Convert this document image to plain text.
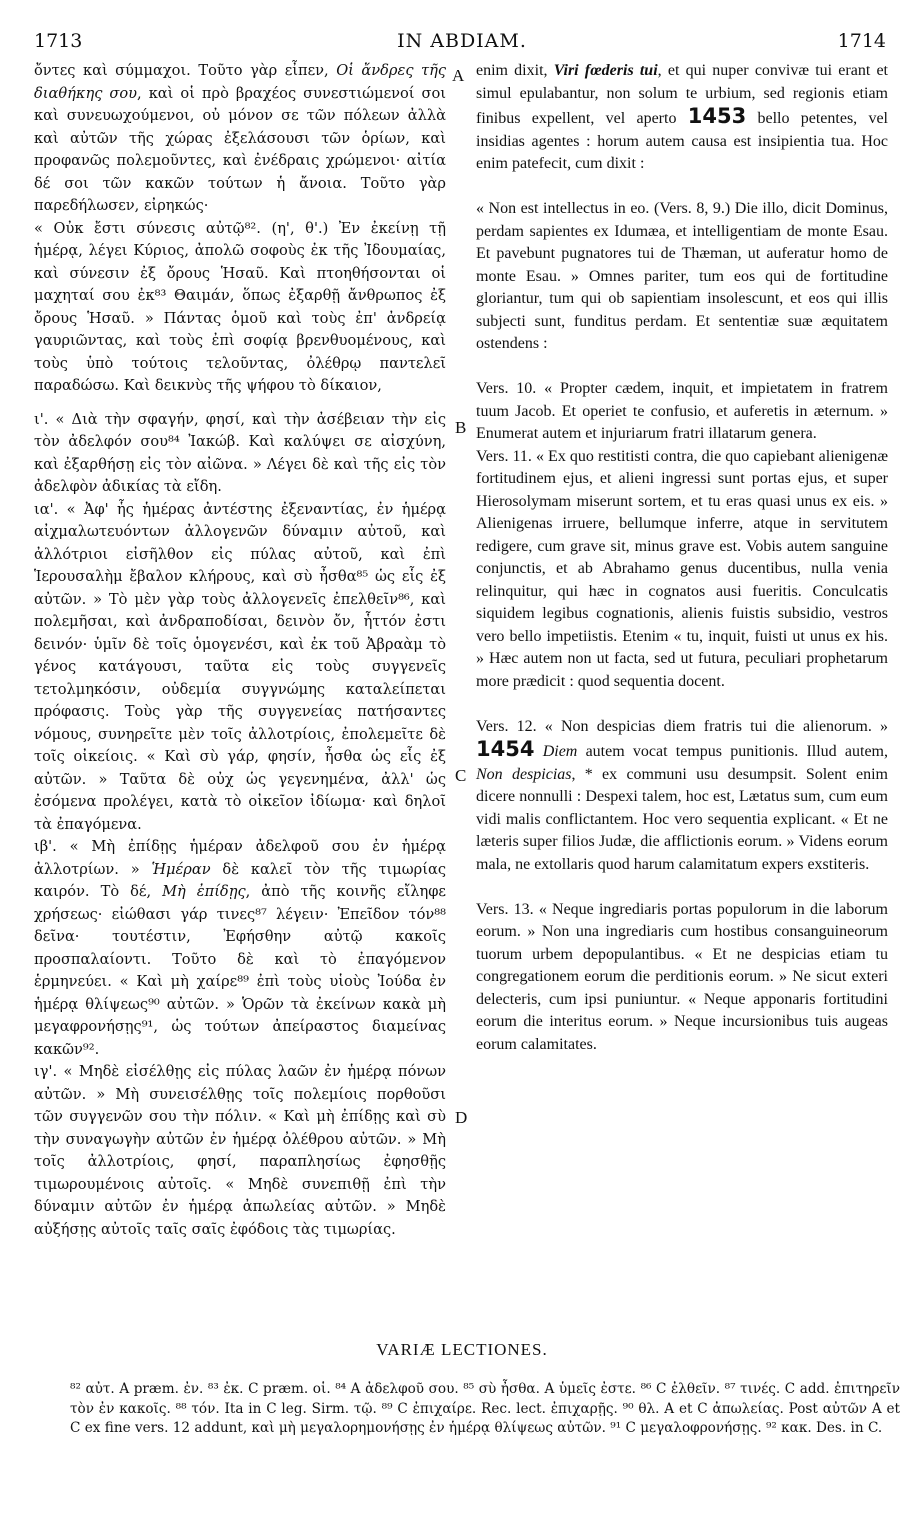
1713	IN ABDIAM.	1714
A
B
C
D

ὄντες καὶ σύμμαχοι. Τοῦτο γὰρ εἶπεν, Οἱ ἄνδρες τῆς διαθήκης σου, καὶ οἱ πρὸ βραχέος συνεστιώμενοί σοι καὶ συνευωχούμενοι, οὐ μόνον σε τῶν πόλεων ἀλλὰ καὶ αὐτῶν τῆς χώρας ἐξελάσουσι τῶν ὁρίων, καὶ προφανῶς πολεμοῦντες, καὶ ἐνέδραις χρώμενοι· αἰτία δέ σοι τῶν κακῶν τούτων ἡ ἄνοια. Τοῦτο γὰρ παρεδήλωσεν, εἰρηκώς·

« Οὐκ ἔστι σύνεσις αὐτῷ⁸². (η', θ'.) Ἐν ἐκείνῃ τῇ ἡμέρᾳ, λέγει Κύριος, ἀπολῶ σοφοὺς ἐκ τῆς Ἰδουμαίας, καὶ σύνεσιν ἐξ ὄρους Ἡσαῦ. Καὶ πτοηθήσονται οἱ μαχηταί σου ἐκ⁸³ Θαιμάν, ὅπως ἐξαρθῇ ἄνθρωπος ἐξ ὄρους Ἡσαῦ. » Πάντας ὁμοῦ καὶ τοὺς ἐπ' ἀνδρείᾳ γαυριῶντας, καὶ τοὺς ἐπὶ σοφίᾳ βρενθυομένους, καὶ τοὺς ὑπὸ τούτοις τελοῦντας, ὀλέθρῳ παντελεῖ παραδώσω. Καὶ δεικνὺς τῆς ψήφου τὸ δίκαιον,

ι'. « Διὰ τὴν σφαγήν, φησί, καὶ τὴν ἀσέβειαν τὴν εἰς τὸν ἀδελφόν σου⁸⁴ Ἰακώβ. Καὶ καλύψει σε αἰσχύνη, καὶ ἐξαρθήσῃ εἰς τὸν αἰῶνα. » Λέγει δὲ καὶ τῆς εἰς τὸν ἀδελφὸν ἀδικίας τὰ εἴδη.

ια'. « Ἀφ' ἧς ἡμέρας ἀντέστης ἐξεναντίας, ἐν ἡμέρᾳ αἰχμαλωτευόντων ἀλλογενῶν δύναμιν αὐτοῦ, καὶ ἀλλότριοι εἰσῆλθον εἰς πύλας αὐτοῦ, καὶ ἐπὶ Ἱερουσαλὴμ ἔβαλον κλήρους, καὶ σὺ ἦσθα⁸⁵ ὡς εἷς ἐξ αὐτῶν. » Τὸ μὲν γὰρ τοὺς ἀλλογενεῖς ἐπελθεῖν⁸⁶, καὶ πολεμῆσαι, καὶ ἀνδραποδίσαι, δεινὸν ὄν, ἧττόν ἐστι δεινόν· ὑμῖν δὲ τοῖς ὁμογενέσι, καὶ ἐκ τοῦ Ἀβραὰμ τὸ γένος κατάγουσι, ταῦτα εἰς τοὺς συγγενεῖς τετολμηκόσιν, οὐδεμία συγγνώμης καταλείπεται πρόφασις. Τοὺς γὰρ τῆς συγγενείας πατήσαντες νόμους, συνηρεῖτε μὲν τοῖς ἀλλοτρίοις, ἐπολεμεῖτε δὲ τοῖς οἰκείοις. « Καὶ σὺ γάρ, φησίν, ἦσθα ὡς εἷς ἐξ αὐτῶν. » Ταῦτα δὲ οὐχ ὡς γεγενημένα, ἀλλ' ὡς ἐσόμενα προλέγει, κατὰ τὸ οἰκεῖον ἰδίωμα· καὶ δηλοῖ τὰ ἐπαγόμενα.

ιβ'. « Μὴ ἐπίδῃς ἡμέραν ἀδελφοῦ σου ἐν ἡμέρᾳ ἀλλοτρίων. » Ἡμέραν δὲ καλεῖ τὸν τῆς τιμωρίας καιρόν. Τὸ δέ, Μὴ ἐπίδῃς, ἀπὸ τῆς κοινῆς εἴληφε χρήσεως· εἰώθασι γάρ τινες⁸⁷ λέγειν· Ἐπεῖδον τόν⁸⁸ δεῖνα· τουτέστιν, Ἐφήσθην αὐτῷ κακοῖς προσπαλαίοντι. Τοῦτο δὲ καὶ τὸ ἐπαγόμενον ἑρμηνεύει. « Καὶ μὴ χαίρε⁸⁹ ἐπὶ τοὺς υἱοὺς Ἰούδα ἐν ἡμέρᾳ θλίψεως⁹⁰ αὐτῶν. » Ὁρῶν τὰ ἐκείνων κακὰ μὴ μεγαφρονήσῃς⁹¹, ὡς τούτων ἀπείραστος διαμείνας κακῶν⁹².

ιγ'. « Μηδὲ εἰσέλθῃς εἰς πύλας λαῶν ἐν ἡμέρᾳ πόνων αὐτῶν. » Μὴ συνεισέλθῃς τοῖς πολεμίοις πορθοῦσι τῶν συγγενῶν σου τὴν πόλιν. « Καὶ μὴ ἐπίδῃς καὶ σὺ τὴν συναγωγὴν αὐτῶν ἐν ἡμέρᾳ ὀλέθρου αὐτῶν. » Μὴ τοῖς ἀλλοτρίοις, φησί, παραπλησίως ἐφησθῇς τιμωρουμένοις αὐτοῖς. « Μηδὲ συνεπιθῇ ἐπὶ τὴν δύναμιν αὐτῶν ἐν ἡμέρᾳ ἀπωλείας αὐτῶν. » Μηδὲ αὐξήσῃς αὐτοῖς ταῖς σαῖς ἐφόδοις τὰς τιμωρίας.

enim dixit, Viri fœderis tui, et qui nuper convivæ tui erant et simul epulabantur, non solum te urbium, sed regionis etiam finibus expellent, vel aperto 1453 bello petentes, vel insidias agentes : horum autem causa est insipientia tua. Hoc enim patefecit, cum dixit :

« Non est intellectus in eo. (Vers. 8, 9.) Die illo, dicit Dominus, perdam sapientes ex Idumæa, et intelligentiam de monte Esau. Et pavebunt pugnatores tui de Thæman, ut auferatur homo de monte Esau. » Omnes pariter, tum eos qui de fortitudine gloriantur, tum qui ob sapientiam insolescunt, et eos qui illis subjecti sunt, funditus perdam. Et sententiæ suæ æquitatem ostendens :

Vers. 10. « Propter cædem, inquit, et impietatem in fratrem tuum Jacob. Et operiet te confusio, et auferetis in æternum. » Enumerat autem et injuriarum fratri illatarum genera.

Vers. 11. « Ex quo restitisti contra, die quo capiebant alienigenæ fortitudinem ejus, et alieni ingressi sunt portas ejus, et super Hierosolymam miserunt sortem, et tu eras quasi unus ex eis. » Alienigenas irruere, bellumque inferre, atque in servitutem redigere, cum grave sit, minus grave est. Vobis autem sanguine conjunctis, et ab Abrahamo genus ducentibus, nulla venia relinquitur, qui hæc in cognatos ausi fueritis. Conculcatis siquidem legibus cognationis, alienis fuistis subsidio, vestros vero bello impetiistis. Etenim « tu, inquit, fuisti ut unus ex his. » Hæc autem non ut facta, sed ut futura, peculiari prophetarum more prædicit : quod sequentia docent.

Vers. 12. « Non despicias diem fratris tui die alienorum. » 1454 Diem autem vocat tempus punitionis. Illud autem, Non despicias, * ex communi usu desumpsit. Solent enim dicere nonnulli : Despexi talem, hoc est, Lætatus sum, cum eum vidi malis conflictantem. Hoc vero sequentia explicant. « Et ne læteris super filios Judæ, die afflictionis eorum. » Videns eorum mala, ne extollaris quod harum calamitatum expers exstiteris.

Vers. 13. « Neque ingrediaris portas populorum in die laborum eorum. » Non una ingrediaris cum hostibus consanguineorum tuorum urbem depopulantibus. « Et ne despicias etiam tu congregationem eorum die perditionis eorum. » Ne sicut exteri delecteris, cum ipsi puniuntur. « Neque apponaris fortitudini eorum die interitus eorum. » Neque incursionibus tuis augeas eorum calamitates.

VARIÆ LECTIONES.
⁸² αὐτ. A præm. ἐν. ⁸³ ἐκ. C præm. οἱ. ⁸⁴ A ἀδελφοῦ σου. ⁸⁵ σὺ ἦσθα. A ὑμεῖς ἐστε. ⁸⁶ C ἐλθεῖν. ⁸⁷ τινές. C add. ἐπιτηρεῖν τὸν ἐν κακοῖς. ⁸⁸ τόν. Ita in C leg. Sirm. τῷ. ⁸⁹ C ἐπιχαίρε. Rec. lect. ἐπιχαρῇς. ⁹⁰ θλ. A et C ἀπωλείας. Post αὐτῶν A et C ex fine vers. 12 addunt, καὶ μὴ μεγαλορημονήσῃς ἐν ἡμέρᾳ θλίψεως αὐτῶν. ⁹¹ C μεγαλοφρονήσῃς. ⁹² κακ. Des. in C.
